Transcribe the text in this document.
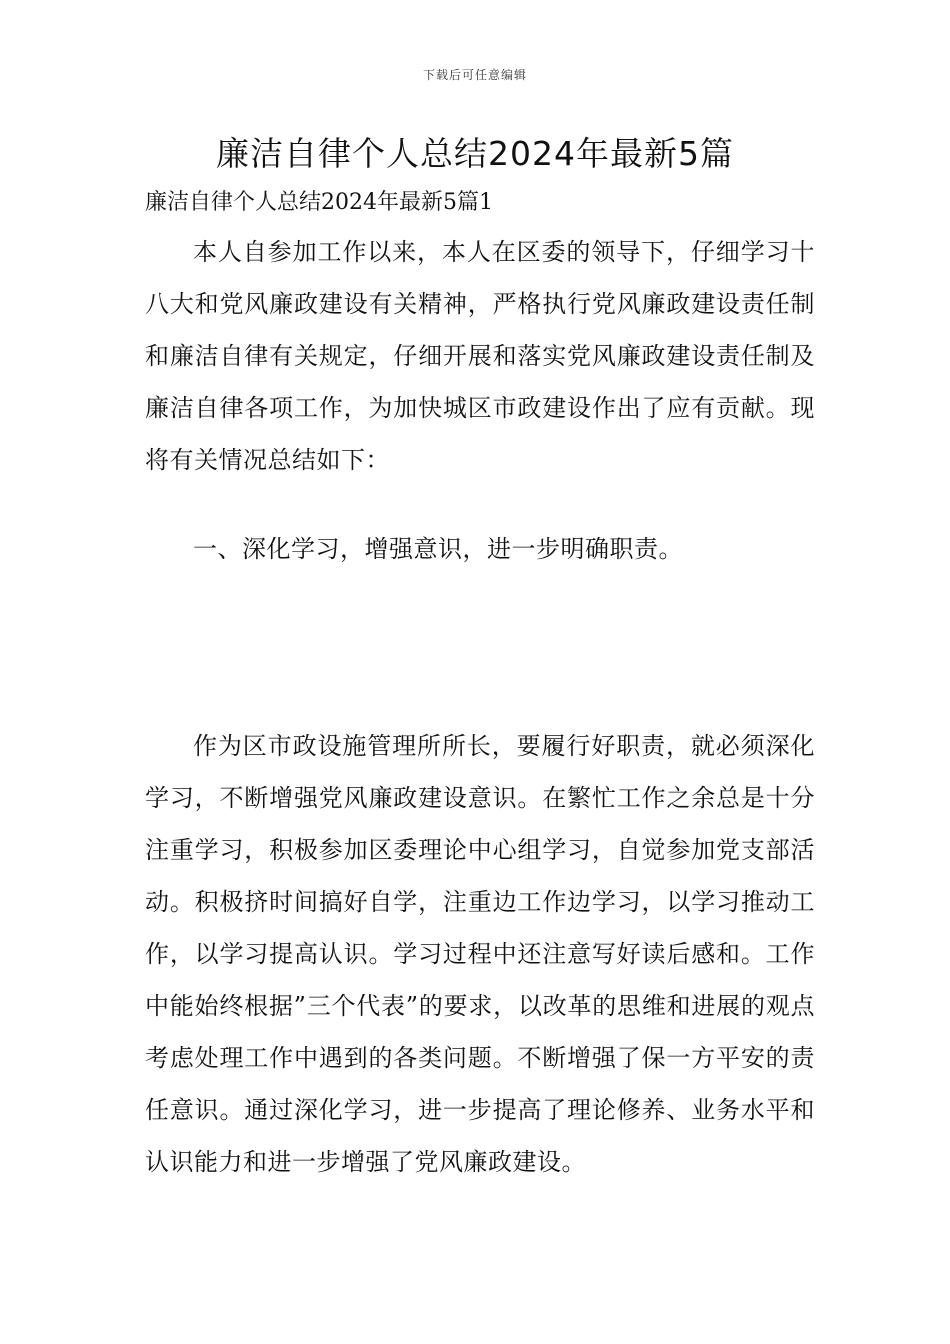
下载后可任意编辑
廉洁自律个人总结2024年最新5篇

廉洁自律个人总结2024年最新5篇1

本人自参加工作以来，本人在区委的领导下，仔细学习十八大和党风廉政建设有关精神，严格执行党风廉政建设责任制和廉洁自律有关规定，仔细开展和落实党风廉政建设责任制及廉洁自律各项工作，为加快城区市政建设作出了应有贡献。现将有关情况总结如下：

一、深化学习，增强意识，进一步明确职责。

作为区市政设施管理所所长，要履行好职责，就必须深化学习，不断增强党风廉政建设意识。在繁忙工作之余总是十分注重学习，积极参加区委理论中心组学习，自觉参加党支部活动。积极挤时间搞好自学，注重边工作边学习，以学习推动工作，以学习提高认识。学习过程中还注意写好读后感和。工作中能始终根据”三个代表”的要求，以改革的思维和进展的观点考虑处理工作中遇到的各类问题。不断增强了保一方平安的责任意识。通过深化学习，进一步提高了理论修养、业务水平和认识能力和进一步增强了党风廉政建设。
